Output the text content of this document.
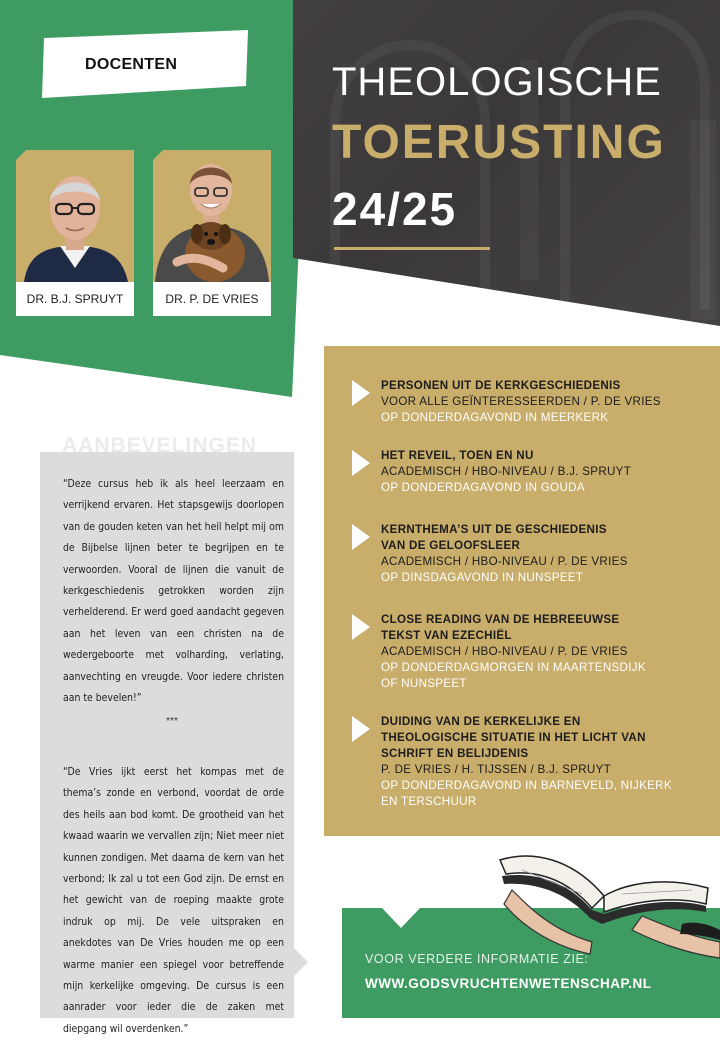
DOCENTEN	THEOLOGISCHE
TOERUSTING
24/25
DR. B.J. SPRUYT	DR. P. DE VRIES
AANBEVELINGEN

“Deze cursus heb ik als heel leerzaam en verrijkend ervaren. Het stapsgewijs doorlopen van de gouden keten van het heil helpt mij om de Bijbelse lijnen beter te begrijpen en te verwoorden. Vooral de lijnen die vanuit de kerkgeschiedenis getrokken worden zijn verhelderend. Er werd goed aandacht gegeven aan het leven van een christen na de wedergeboorte met volharding, verlating, aanvechting en vreugde. Voor iedere christen aan te bevelen!”

***

“De Vries ijkt eerst het kompas met de thema’s zonde en verbond, voordat de orde des heils aan bod komt. De grootheid van het kwaad waarin we vervallen zijn; Niet meer niet kunnen zondigen. Met daarna de kern van het verbond; Ik zal u tot een God zijn. De ernst en het gewicht van de roeping maakte grote indruk op mij. De vele uitspraken en anekdotes van De Vries houden me op een warme manier een spiegel voor betreffende mijn kerkelijke omgeving. De cursus is een aanrader voor ieder die de zaken met diepgang wil overdenken.”

PERSONEN UIT DE KERKGESCHIEDENIS
VOOR ALLE GEÏNTERESSEERDEN / P. DE VRIES
OP DONDERDAGAVOND IN MEERKERK
HET REVEIL, TOEN EN NU
ACADEMISCH / HBO-NIVEAU / B.J. SPRUYT
OP DONDERDAGAVOND IN GOUDA
KERNTHEMA’S UIT DE GESCHIEDENIS
VAN DE GELOOFSLEER
ACADEMISCH / HBO-NIVEAU / P. DE VRIES
OP DINSDAGAVOND IN NUNSPEET
CLOSE READING VAN DE HEBREEUWSE
TEKST VAN EZECHIËL
ACADEMISCH / HBO-NIVEAU / P. DE VRIES
OP DONDERDAGMORGEN IN MAARTENSDIJK
OF NUNSPEET
DUIDING VAN DE KERKELIJKE EN
THEOLOGISCHE SITUATIE IN HET LICHT VAN
SCHRIFT EN BELIJDENIS
P. DE VRIES / H. TIJSSEN / B.J. SPRUYT
OP DONDERDAGAVOND IN BARNEVELD, NIJKERK
EN TERSCHUUR
VOOR VERDERE INFORMATIE ZIE:
WWW.GODSVRUCHTENWETENSCHAP.NL
